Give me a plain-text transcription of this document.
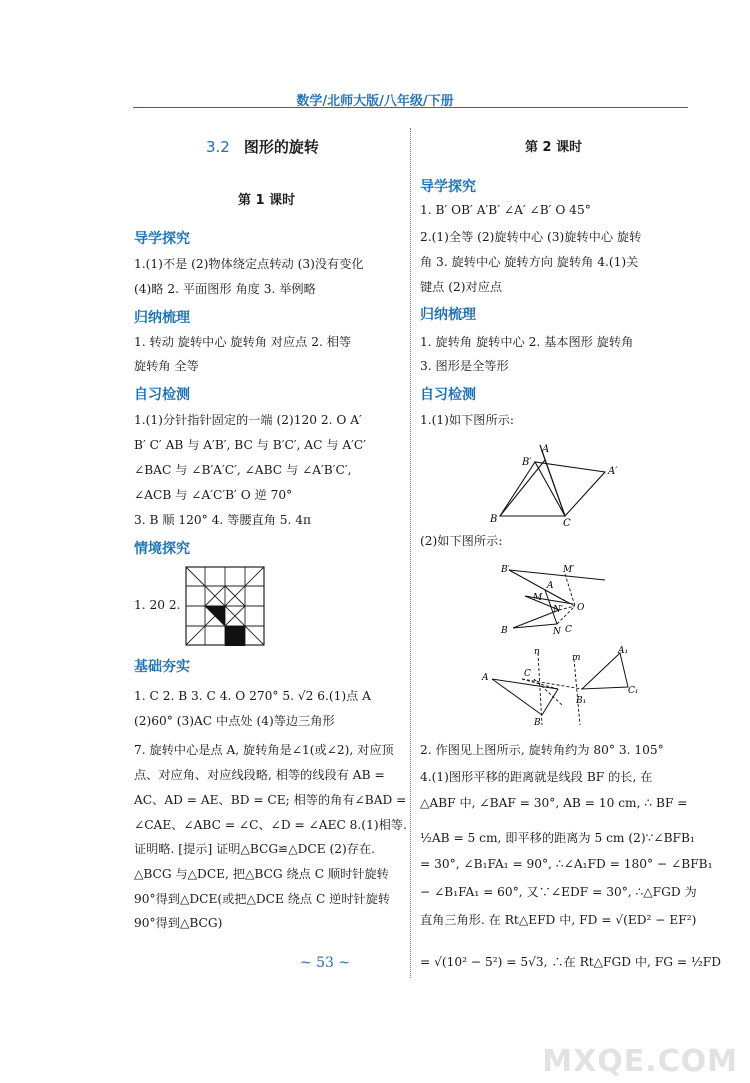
数学/北师大版/八年级/下册
3.2 图形的旋转
第 1 课时
导学探究
1.(1)不是 (2)物体绕定点转动 (3)没有变化
(4)略 2. 平面图形 角度 3. 举例略
归纳梳理
1. 转动 旋转中心 旋转角 对应点 2. 相等
旋转角 全等
自习检测
1.(1)分针指针固定的一端 (2)120 2. O A′
B′ C′ AB 与 A′B′, BC 与 B′C′, AC 与 A′C′
∠BAC 与 ∠B′A′C′, ∠ABC 与 ∠A′B′C′,
∠ACB 与 ∠A′C′B′ O 逆 70°
3. B 顺 120° 4. 等腰直角 5. 4π
情境探究
1. 20 2.
基础夯实
1. C 2. B 3. C 4. O 270° 5. √2 6.(1)点 A
(2)60° (3)AC 中点处 (4)等边三角形
7. 旋转中心是点 A, 旋转角是∠1(或∠2), 对应顶
点、对应角、对应线段略, 相等的线段有 AB =
AC、AD = AE、BD = CE; 相等的角有∠BAD =
∠CAE、∠ABC = ∠C、∠D = ∠AEC 8.(1)相等.
证明略. [提示] 证明△BCG≌△DCE (2)存在.
△BCG 与△DCE, 把△BCG 绕点 C 顺时针旋转
90°得到△DCE(或把△DCE 绕点 C 逆时针旋转
90°得到△BCG)
第 2 课时
导学探究
1. B′ OB′ A′B′ ∠A′ ∠B′ O 45°
2.(1)全等 (2)旋转中心 (3)旋转中心 旋转
角 3. 旋转中心 旋转方向 旋转角 4.(1)关
键点 (2)对应点
归纳梳理
1. 旋转角 旋转中心 2. 基本图形 旋转角
3. 图形是全等形
自习检测
1.(1)如下图所示:
A
B′
A′
B	C
(2)如下图所示:
B′	M′
A
M
N′ O
B	N C
n
m
A₁
A	C
C₁
B₁
B
2. 作图见上图所示, 旋转角约为 80° 3. 105°
4.(1)图形平移的距离就是线段 BF 的长, 在
△ABF 中, ∠BAF = 30°, AB = 10 cm, ∴ BF =
½AB = 5 cm, 即平移的距离为 5 cm (2)∵∠BFB₁
= 30°, ∠B₁FA₁ = 90°, ∴∠A₁FD = 180° − ∠BFB₁
− ∠B₁FA₁ = 60°, 又∵∠EDF = 30°, ∴△FGD 为
直角三角形. 在 Rt△EFD 中, FD = √(ED² − EF²)
= √(10² − 5²) = 5√3, ∴在 Rt△FGD 中, FG = ½FD
~ 53 ~
MXQE.COM
